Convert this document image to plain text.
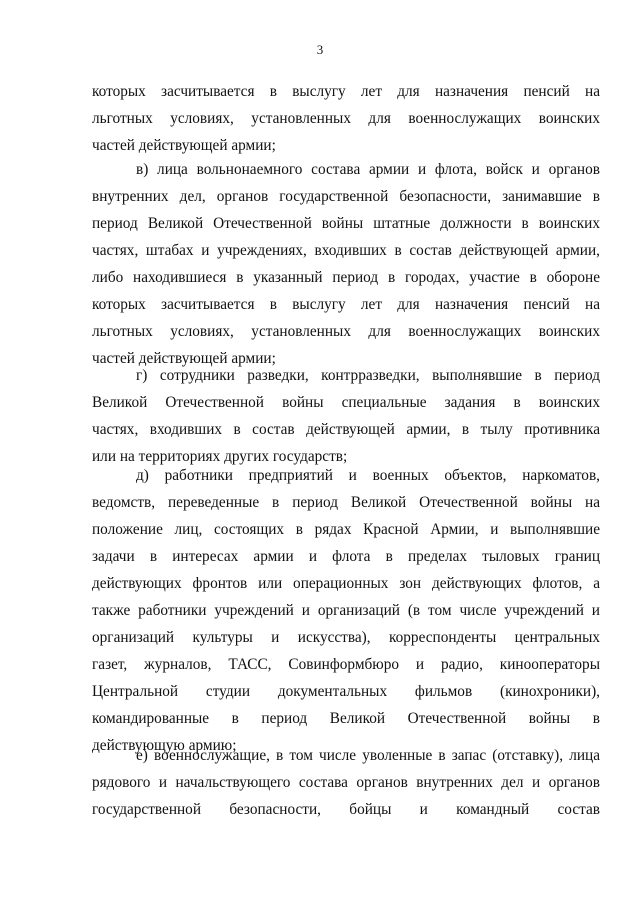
3
которых засчитывается в выслугу лет для назначения пенсий на
льготных условиях, установленных для военнослужащих воинских
частей действующей армии;
в) лица вольнонаемного состава армии и флота, войск и органов
внутренних дел, органов государственной безопасности, занимавшие в
период Великой Отечественной войны штатные должности в воинских
частях, штабах и учреждениях, входивших в состав действующей армии,
либо находившиеся в указанный период в городах, участие в обороне
которых засчитывается в выслугу лет для назначения пенсий на
льготных условиях, установленных для военнослужащих воинских
частей действующей армии;
г) сотрудники разведки, контрразведки, выполнявшие в период
Великой Отечественной войны специальные задания в воинских
частях, входивших в состав действующей армии, в тылу противника
или на территориях других государств;
д) работники предприятий и военных объектов, наркоматов,
ведомств, переведенные в период Великой Отечественной войны на
положение лиц, состоящих в рядах Красной Армии, и выполнявшие
задачи в интересах армии и флота в пределах тыловых границ
действующих фронтов или операционных зон действующих флотов, а
также работники учреждений и организаций (в том числе учреждений и
организаций культуры и искусства), корреспонденты центральных
газет, журналов, ТАСС, Совинформбюро и радио, кинооператоры
Центральной студии документальных фильмов (кинохроники),
командированные в период Великой Отечественной войны в
действующую армию;
е) военнослужащие, в том числе уволенные в запас (отставку), лица
рядового и начальствующего состава органов внутренних дел и органов
государственной безопасности, бойцы и командный состав
